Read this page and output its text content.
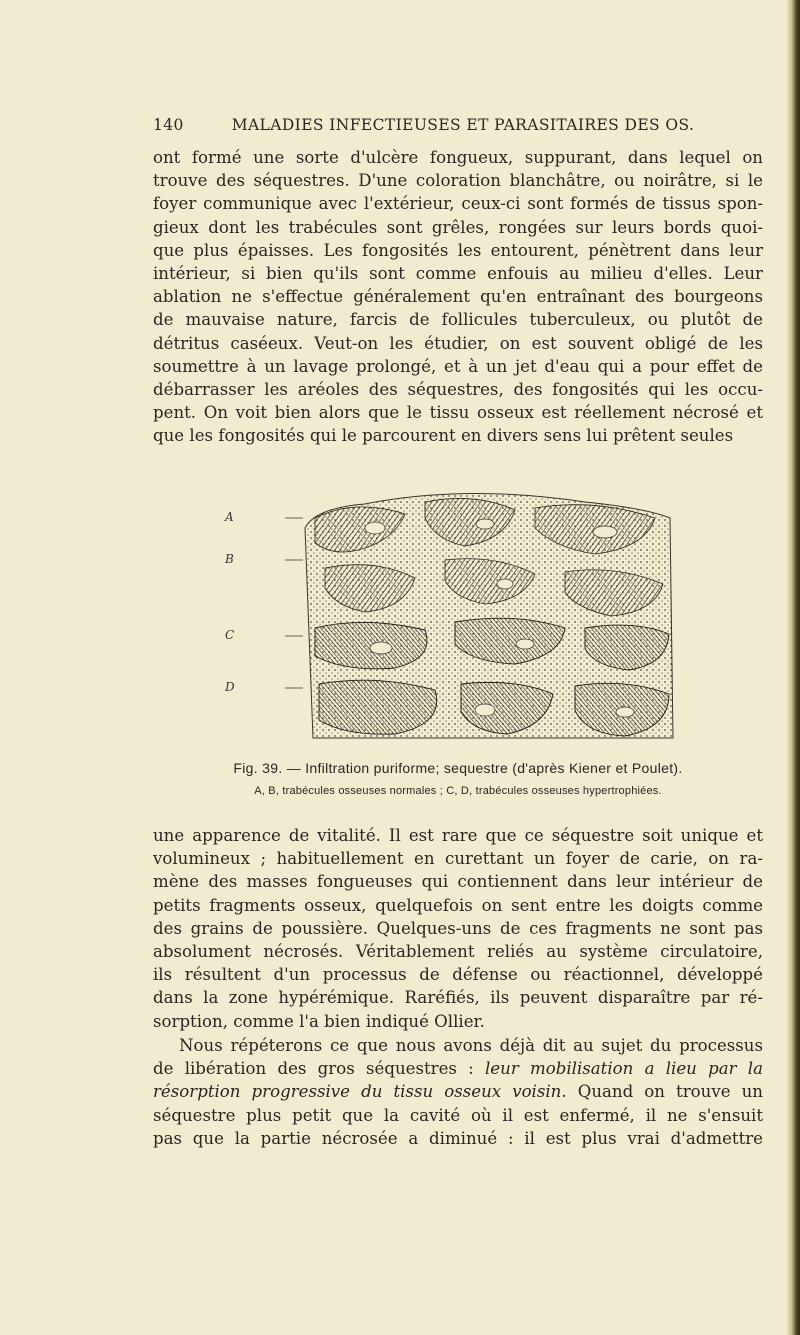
140	MALADIES INFECTIEUSES ET PARASITAIRES DES OS.

ont formé une sorte d'ulcère fongueux, suppurant, dans lequel on
trouve des séquestres. D'une coloration blanchâtre, ou noirâtre, si le
foyer communique avec l'extérieur, ceux-ci sont formés de tissus spon-
gieux dont les trabécules sont grêles, rongées sur leurs bords quoi-
que plus épaisses. Les fongosités les entourent, pénètrent dans leur
intérieur, si bien qu'ils sont comme enfouis au milieu d'elles. Leur
ablation ne s'effectue généralement qu'en entraînant des bourgeons
de mauvaise nature, farcis de follicules tuberculeux, ou plutôt de
détritus caséeux. Veut-on les étudier, on est souvent obligé de les
soumettre à un lavage prolongé, et à un jet d'eau qui a pour effet de
débarrasser les aréoles des séquestres, des fongosités qui les occu-
pent. On voit bien alors que le tissu osseux est réellement nécrosé et
que les fongosités qui le parcourent en divers sens lui prêtent seules

A
B
C
D
Fig. 39. — Infiltration puriforme; sequestre (d'après Kiener et Poulet).
A, B, trabécules osseuses normales ; C, D, trabécules osseuses hypertrophiées.

une apparence de vitalité. Il est rare que ce séquestre soit unique et
volumineux ; habituellement en curettant un foyer de carie, on ra-
mène des masses fongueuses qui contiennent dans leur intérieur de
petits fragments osseux, quelquefois on sent entre les doigts comme
des grains de poussière. Quelques-uns de ces fragments ne sont pas
absolument nécrosés. Véritablement reliés au système circulatoire,
ils résultent d'un processus de défense ou réactionnel, développé
dans la zone hypérémique. Raréfiés, ils peuvent disparaître par ré-
sorption, comme l'a bien indiqué Ollier.

Nous répéterons ce que nous avons déjà dit au sujet du processus
de libération des gros séquestres : leur mobilisation a lieu par la
résorption progressive du tissu osseux voisin. Quand on trouve un
séquestre plus petit que la cavité où il est enfermé, il ne s'ensuit
pas que la partie nécrosée a diminué : il est plus vrai d'admettre
